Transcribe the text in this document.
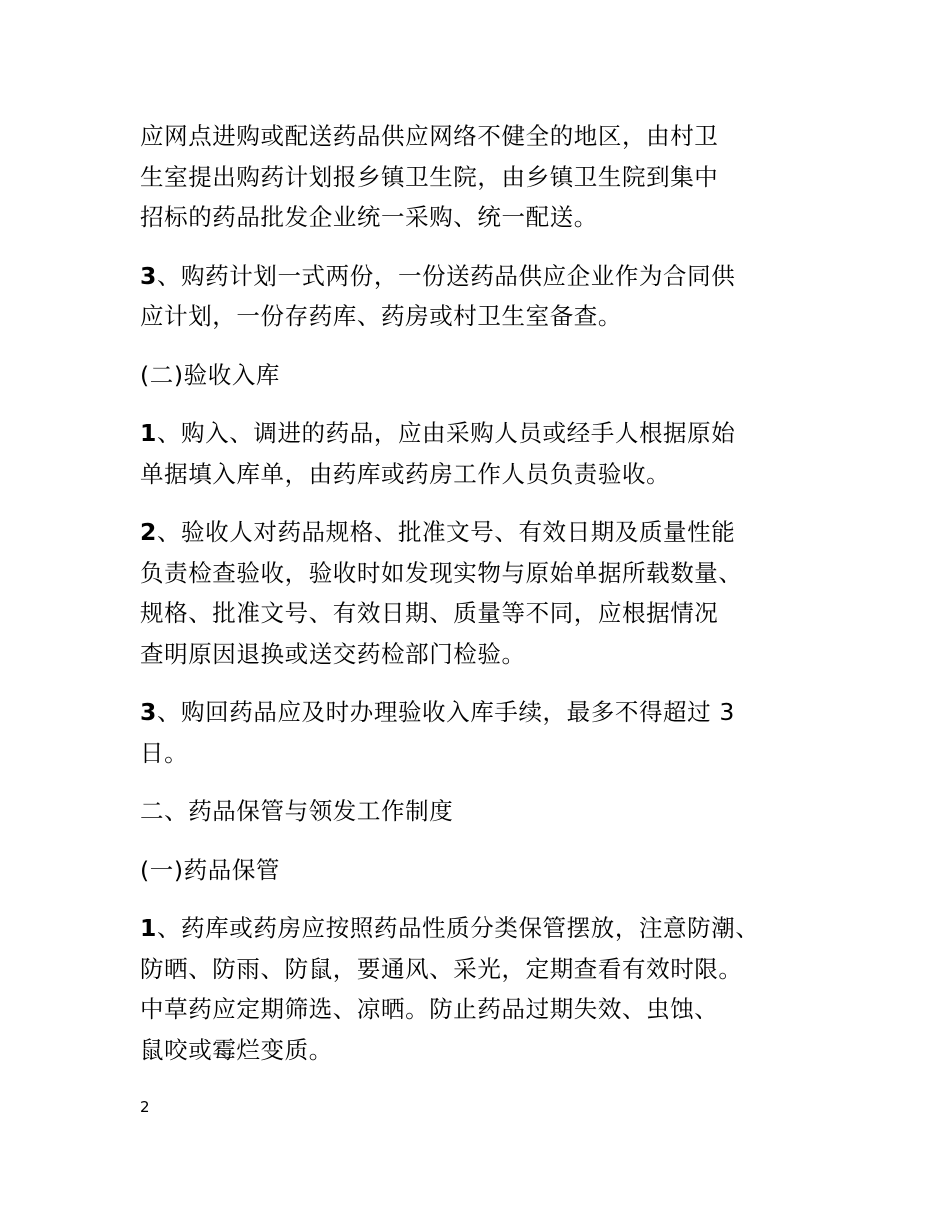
应网点进购或配送药品供应网络不健全的地区，由村卫
生室提出购药计划报乡镇卫生院，由乡镇卫生院到集中
招标的药品批发企业统一采购、统一配送。

3、购药计划一式两份，一份送药品供应企业作为合同供
应计划，一份存药库、药房或村卫生室备查。

(二)验收入库

1、购入、调进的药品，应由采购人员或经手人根据原始
单据填入库单，由药库或药房工作人员负责验收。

2、验收人对药品规格、批准文号、有效日期及质量性能
负责检查验收，验收时如发现实物与原始单据所载数量、
规格、批准文号、有效日期、质量等不同，应根据情况
查明原因退换或送交药检部门检验。

3、购回药品应及时办理验收入库手续，最多不得超过 3
日。

二、药品保管与领发工作制度

(一)药品保管

1、药库或药房应按照药品性质分类保管摆放，注意防潮、
防晒、防雨、防鼠，要通风、采光，定期查看有效时限。
中草药应定期筛选、凉晒。防止药品过期失效、虫蚀、
鼠咬或霉烂变质。

2
